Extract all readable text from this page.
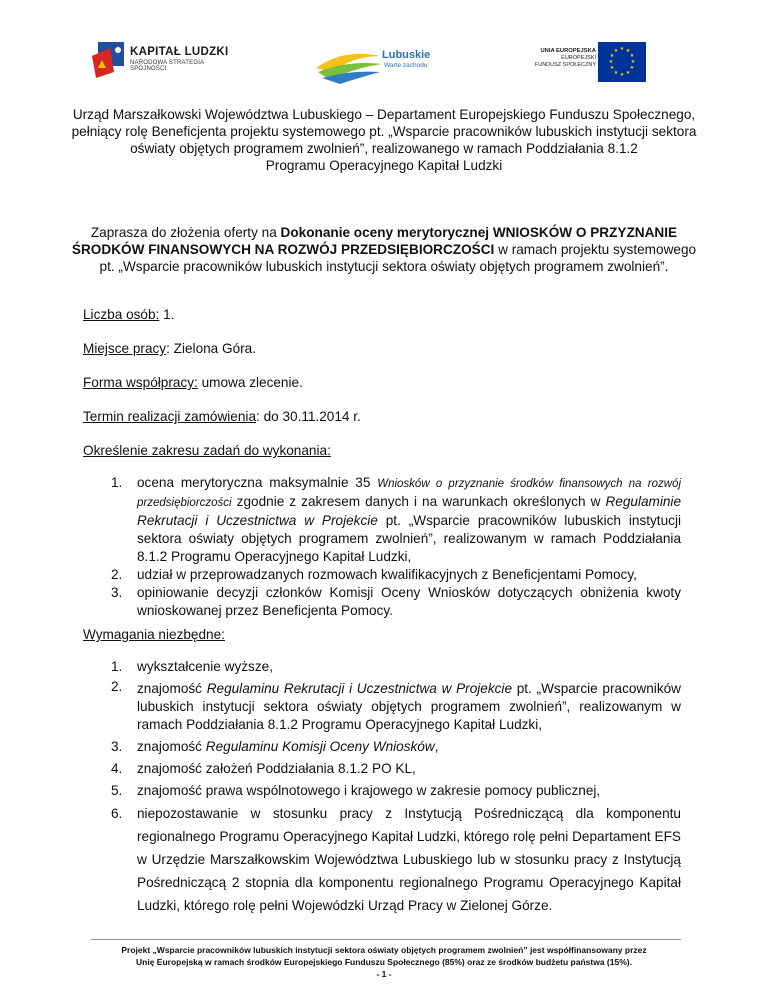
KAPITAŁ LUDZKI
NARODOWA STRATEGIA SPÓJNOŚCI
Lubuskie
Warte zachodu
UNIA EUROPEJSKA
EUROPEJSKI
FUNDUSZ SPOŁECZNY
★ ★
★
★
★
★
★
★
★
★
★
★
Urząd Marszałkowski Województwa Lubuskiego – Departament Europejskiego Funduszu Społecznego,
pełniący rolę Beneficjenta projektu systemowego pt. „Wsparcie pracowników lubuskich instytucji sektora
oświaty objętych programem zwolnień”, realizowanego w ramach Poddziałania 8.1.2
Programu Operacyjnego Kapitał Ludzki
Zaprasza do złożenia oferty na Dokonanie oceny merytorycznej WNIOSKÓW O PRZYZNANIE
ŚRODKÓW FINANSOWYCH NA ROZWÓJ PRZEDSIĘBIORCZOŚCI w ramach projektu systemowego
pt. „Wsparcie pracowników lubuskich instytucji sektora oświaty objętych programem zwolnień”.
Liczba osób: 1.
Miejsce pracy: Zielona Góra.
Forma współpracy: umowa zlecenie.
Termin realizacji zamówienia: do 30.11.2014 r.
Określenie zakresu zadań do wykonania:
1. ocena merytoryczna maksymalnie 35 Wniosków o przyznanie środków finansowych na rozwój przedsiębiorczości zgodnie z zakresem danych i na warunkach określonych w Regulaminie Rekrutacji i Uczestnictwa w Projekcie pt. „Wsparcie pracowników lubuskich instytucji sektora oświaty objętych programem zwolnień”, realizowanym w ramach Poddziałania 8.1.2 Programu Operacyjnego Kapitał Ludzki,
2. udział w przeprowadzanych rozmowach kwalifikacyjnych z Beneficjentami Pomocy,
3. opiniowanie decyzji członków Komisji Oceny Wniosków dotyczących obniżenia kwoty wnioskowanej przez Beneficjenta Pomocy.
Wymagania niezbędne:
1. wykształcenie wyższe,
2. znajomość Regulaminu Rekrutacji i Uczestnictwa w Projekcie pt. „Wsparcie pracowników lubuskich instytucji sektora oświaty objętych programem zwolnień”, realizowanym w ramach Poddziałania 8.1.2 Programu Operacyjnego Kapitał Ludzki,
3. znajomość Regulaminu Komisji Oceny Wniosków,
4. znajomość założeń Poddziałania 8.1.2 PO KL,
5. znajomość prawa wspólnotowego i krajowego w zakresie pomocy publicznej,
6. niepozostawanie w stosunku pracy z Instytucją Pośredniczącą dla komponentu regionalnego Programu Operacyjnego Kapitał Ludzki, którego rolę pełni Departament EFS w Urzędzie Marszałkowskim Województwa Lubuskiego lub w stosunku pracy z Instytucją Pośredniczącą 2 stopnia dla komponentu regionalnego Programu Operacyjnego Kapitał Ludzki, którego rolę pełni Wojewódzki Urząd Pracy w Zielonej Górze.
Projekt „Wsparcie pracowników lubuskich instytucji sektora oświaty objętych programem zwolnień” jest współfinansowany przez
Unię Europejską w ramach środków Europejskiego Funduszu Społecznego (85%) oraz ze środków budżetu państwa (15%).
- 1 -
